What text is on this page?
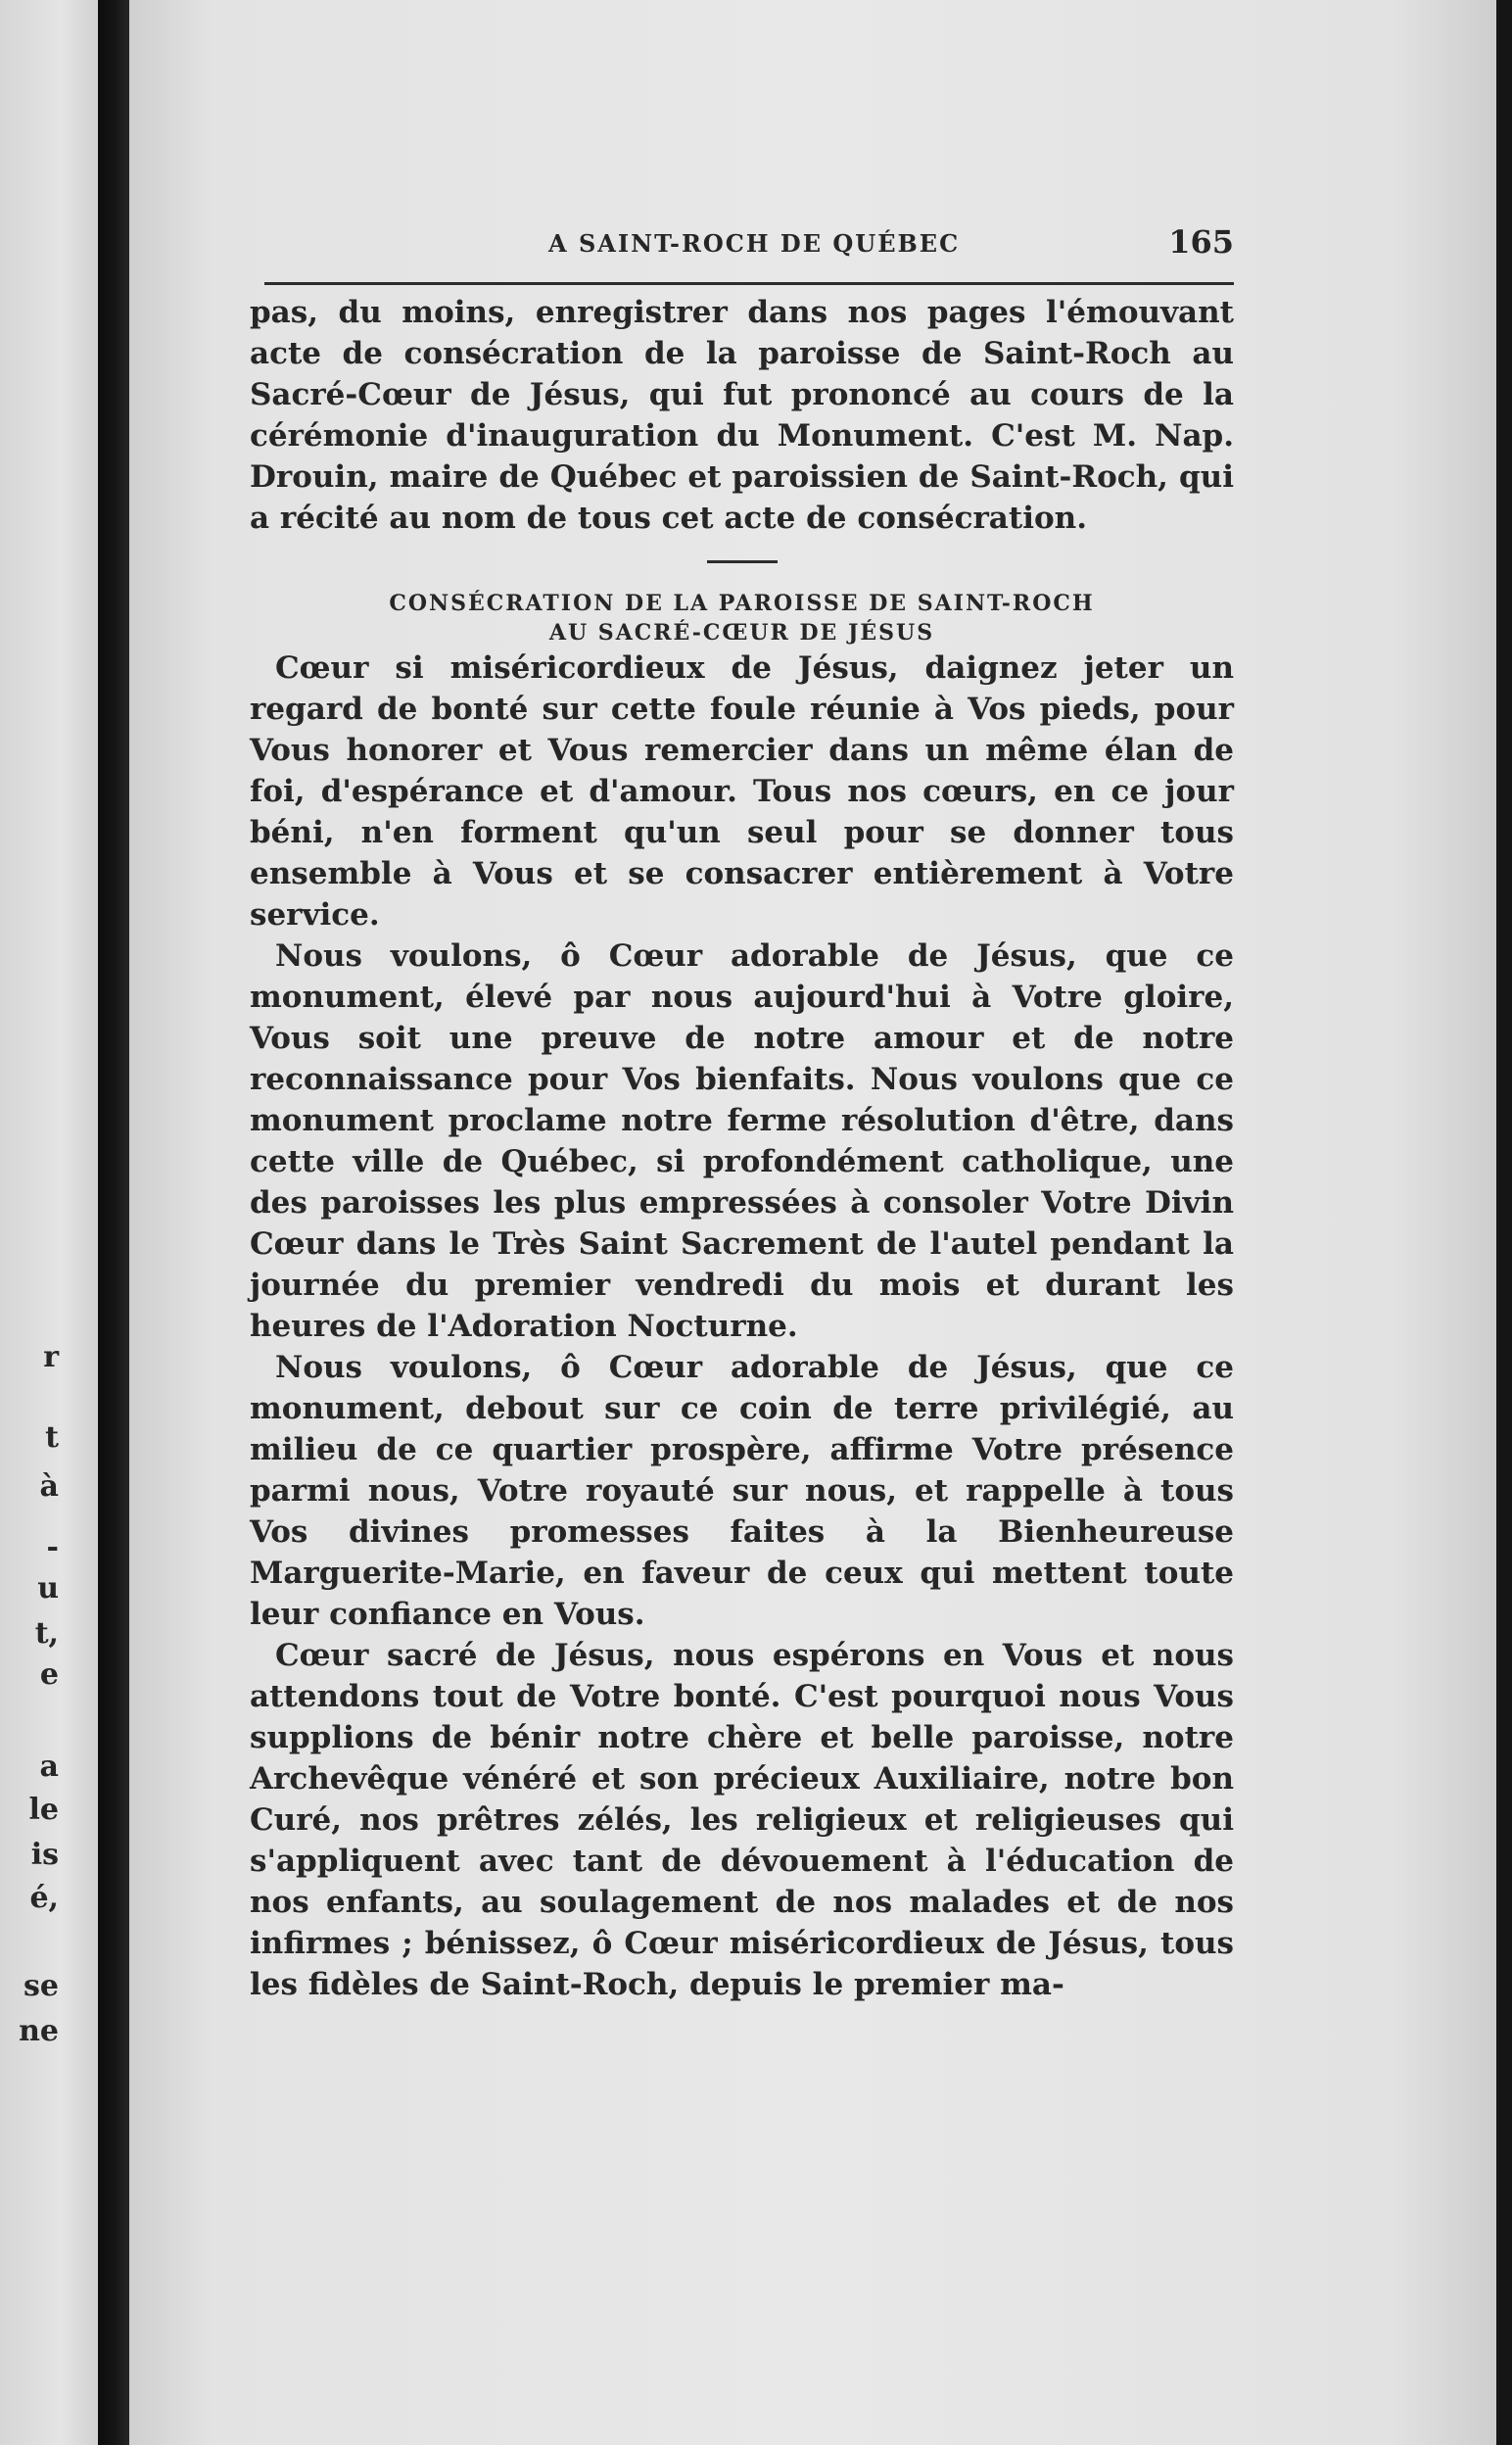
r
t
à
-
u
t,
e
a
le
is
é,
se
ne
A SAINT-ROCH DE QUÉBEC	165

pas, du moins, enregistrer dans nos pages l'émouvant acte de consécration de la paroisse de Saint-Roch au Sacré-Cœur de Jésus, qui fut prononcé au cours de la cérémonie d'inauguration du Monument. C'est M. Nap. Drouin, maire de Québec et paroissien de Saint-Roch, qui a récité au nom de tous cet acte de consécration.

CONSÉCRATION DE LA PAROISSE DE SAINT-ROCH

AU SACRÉ-CŒUR DE JÉSUS

Cœur si miséricordieux de Jésus, daignez jeter un regard de bonté sur cette foule réunie à Vos pieds, pour Vous honorer et Vous remercier dans un même élan de foi, d'espérance et d'amour. Tous nos cœurs, en ce jour béni, n'en forment qu'un seul pour se donner tous ensemble à Vous et se consacrer entièrement à Votre service.

Nous voulons, ô Cœur adorable de Jésus, que ce monument, élevé par nous aujourd'hui à Votre gloire, Vous soit une preuve de notre amour et de notre reconnaissance pour Vos bienfaits. Nous voulons que ce monument proclame notre ferme résolution d'être, dans cette ville de Québec, si profondément catholique, une des paroisses les plus empressées à consoler Votre Divin Cœur dans le Très Saint Sacrement de l'autel pendant la journée du premier vendredi du mois et durant les heures de l'Adoration Nocturne.

Nous voulons, ô Cœur adorable de Jésus, que ce monument, debout sur ce coin de terre privilégié, au milieu de ce quartier prospère, affirme Votre présence parmi nous, Votre royauté sur nous, et rappelle à tous Vos divines promesses faites à la Bienheureuse Marguerite-Marie, en faveur de ceux qui mettent toute leur confiance en Vous.

Cœur sacré de Jésus, nous espérons en Vous et nous attendons tout de Votre bonté. C'est pourquoi nous Vous supplions de bénir notre chère et belle paroisse, notre Archevêque vénéré et son précieux Auxiliaire, notre bon Curé, nos prêtres zélés, les religieux et religieuses qui s'appliquent avec tant de dévouement à l'éducation de nos enfants, au soulagement de nos malades et de nos infirmes ; bénissez, ô Cœur miséricordieux de Jésus, tous les fidèles de Saint-Roch, depuis le premier ma-
